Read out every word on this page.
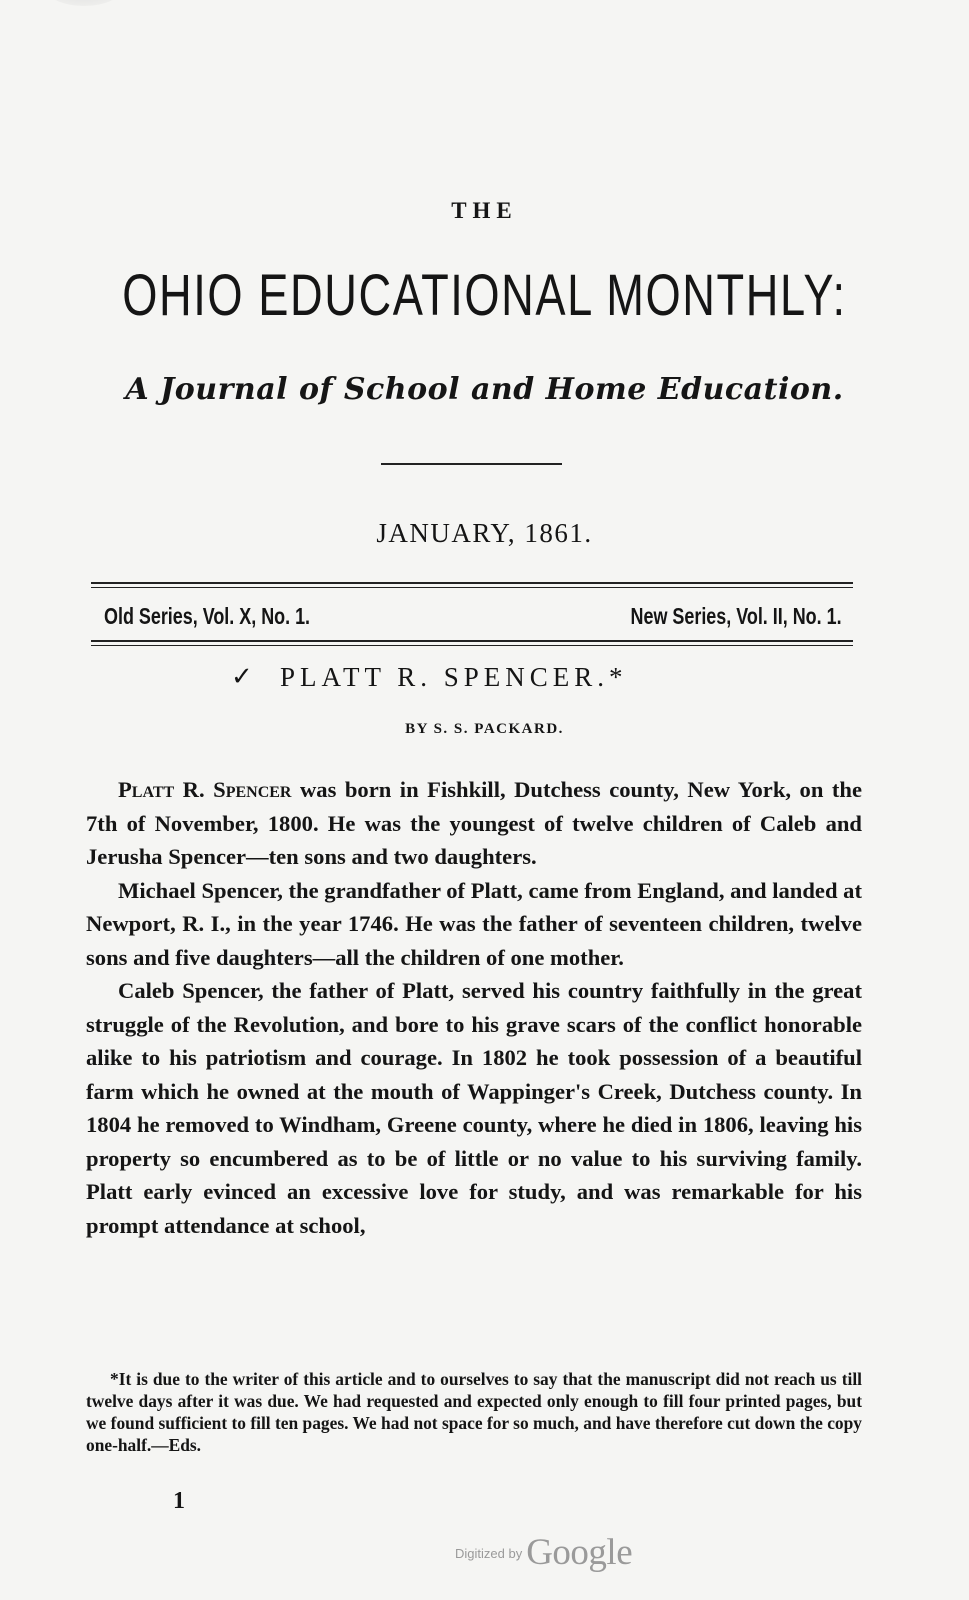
THE
OHIO EDUCATIONAL MONTHLY:
A Journal of School and Home Education.
JANUARY, 1861.
Old Series, Vol. X, No. 1.	New Series, Vol. II, No. 1.
✓ PLATT R. SPENCER.*
BY S. S. PACKARD.

Platt R. Spencer was born in Fishkill, Dutchess county, New York, on the 7th of November, 1800. He was the youngest of twelve children of Caleb and Jerusha Spencer—ten sons and two daughters.

Michael Spencer, the grandfather of Platt, came from England, and landed at Newport, R. I., in the year 1746. He was the father of seventeen children, twelve sons and five daughters—all the children of one mother.

Caleb Spencer, the father of Platt, served his country faithfully in the great struggle of the Revolution, and bore to his grave scars of the conflict honorable alike to his patriotism and courage. In 1802 he took possession of a beautiful farm which he owned at the mouth of Wappinger's Creek, Dutchess county. In 1804 he removed to Windham, Greene county, where he died in 1806, leaving his property so encumbered as to be of little or no value to his surviving family. Platt early evinced an excessive love for study, and was remarkable for his prompt attendance at school,

*It is due to the writer of this article and to ourselves to say that the manuscript did not reach us till twelve days after it was due. We had requested and expected only enough to fill four printed pages, but we found sufficient to fill ten pages. We had not space for so much, and have therefore cut down the copy one-half.—Eds.

1
$^{Digitized by}$ Google
